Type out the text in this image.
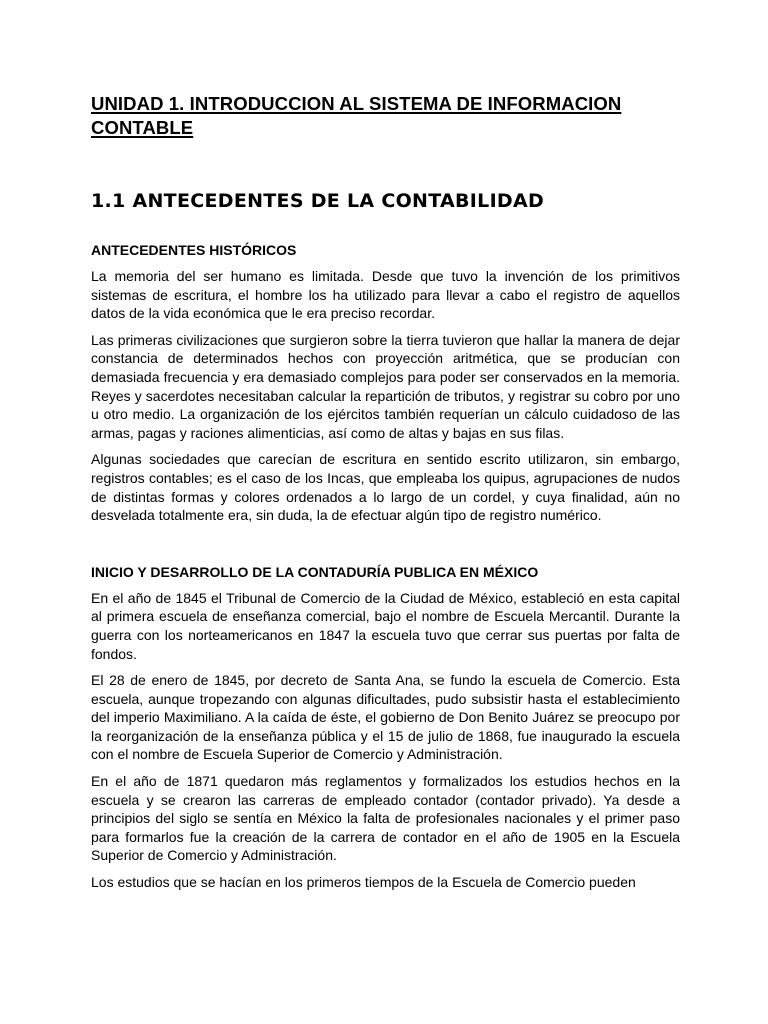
UNIDAD 1. INTRODUCCION AL SISTEMA DE INFORMACION CONTABLE
1.1 ANTECEDENTES DE LA CONTABILIDAD
ANTECEDENTES HISTÓRICOS

La memoria del ser humano es limitada. Desde que tuvo la invención de los primitivos sistemas de escritura, el hombre los ha utilizado para llevar a cabo el registro de aquellos datos de la vida económica que le era preciso recordar.

Las primeras civilizaciones que surgieron sobre la tierra tuvieron que hallar la manera de dejar constancia de determinados hechos con proyección aritmética, que se producían con demasiada frecuencia y era demasiado complejos para poder ser conservados en la memoria. Reyes y sacerdotes necesitaban calcular la repartición de tributos, y registrar su cobro por uno u otro medio. La organización de los ejércitos también requerían un cálculo cuidadoso de las armas, pagas y raciones alimenticias, así como de altas y bajas en sus filas.

Algunas sociedades que carecían de escritura en sentido escrito utilizaron, sin embargo, registros contables; es el caso de los Incas, que empleaba los quipus, agrupaciones de nudos de distintas formas y colores ordenados a lo largo de un cordel, y cuya finalidad, aún no desvelada totalmente era, sin duda, la de efectuar algún tipo de registro numérico.

INICIO Y DESARROLLO DE LA CONTADURÍA PUBLICA EN MÉXICO

En el año de 1845 el Tribunal de Comercio de la Ciudad de México, estableció en esta capital al primera escuela de enseñanza comercial, bajo el nombre de Escuela Mercantil. Durante la guerra con los norteamericanos en 1847 la escuela tuvo que cerrar sus puertas por falta de fondos.

El 28 de enero de 1845, por decreto de Santa Ana, se fundo la escuela de Comercio. Esta escuela, aunque tropezando con algunas dificultades, pudo subsistir hasta el establecimiento del imperio Maximiliano. A la caída de éste, el gobierno de Don Benito Juárez se preocupo por la reorganización de la enseñanza pública y el 15 de julio de 1868, fue inaugurado la escuela con el nombre de Escuela Superior de Comercio y Administración.

En el año de 1871 quedaron más reglamentos y formalizados los estudios hechos en la escuela y se crearon las carreras de empleado contador (contador privado). Ya desde a principios del siglo se sentía en México la falta de profesionales nacionales y el primer paso para formarlos fue la creación de la carrera de contador en el año de 1905 en la Escuela Superior de Comercio y Administración.

Los estudios que se hacían en los primeros tiempos de la Escuela de Comercio pueden
